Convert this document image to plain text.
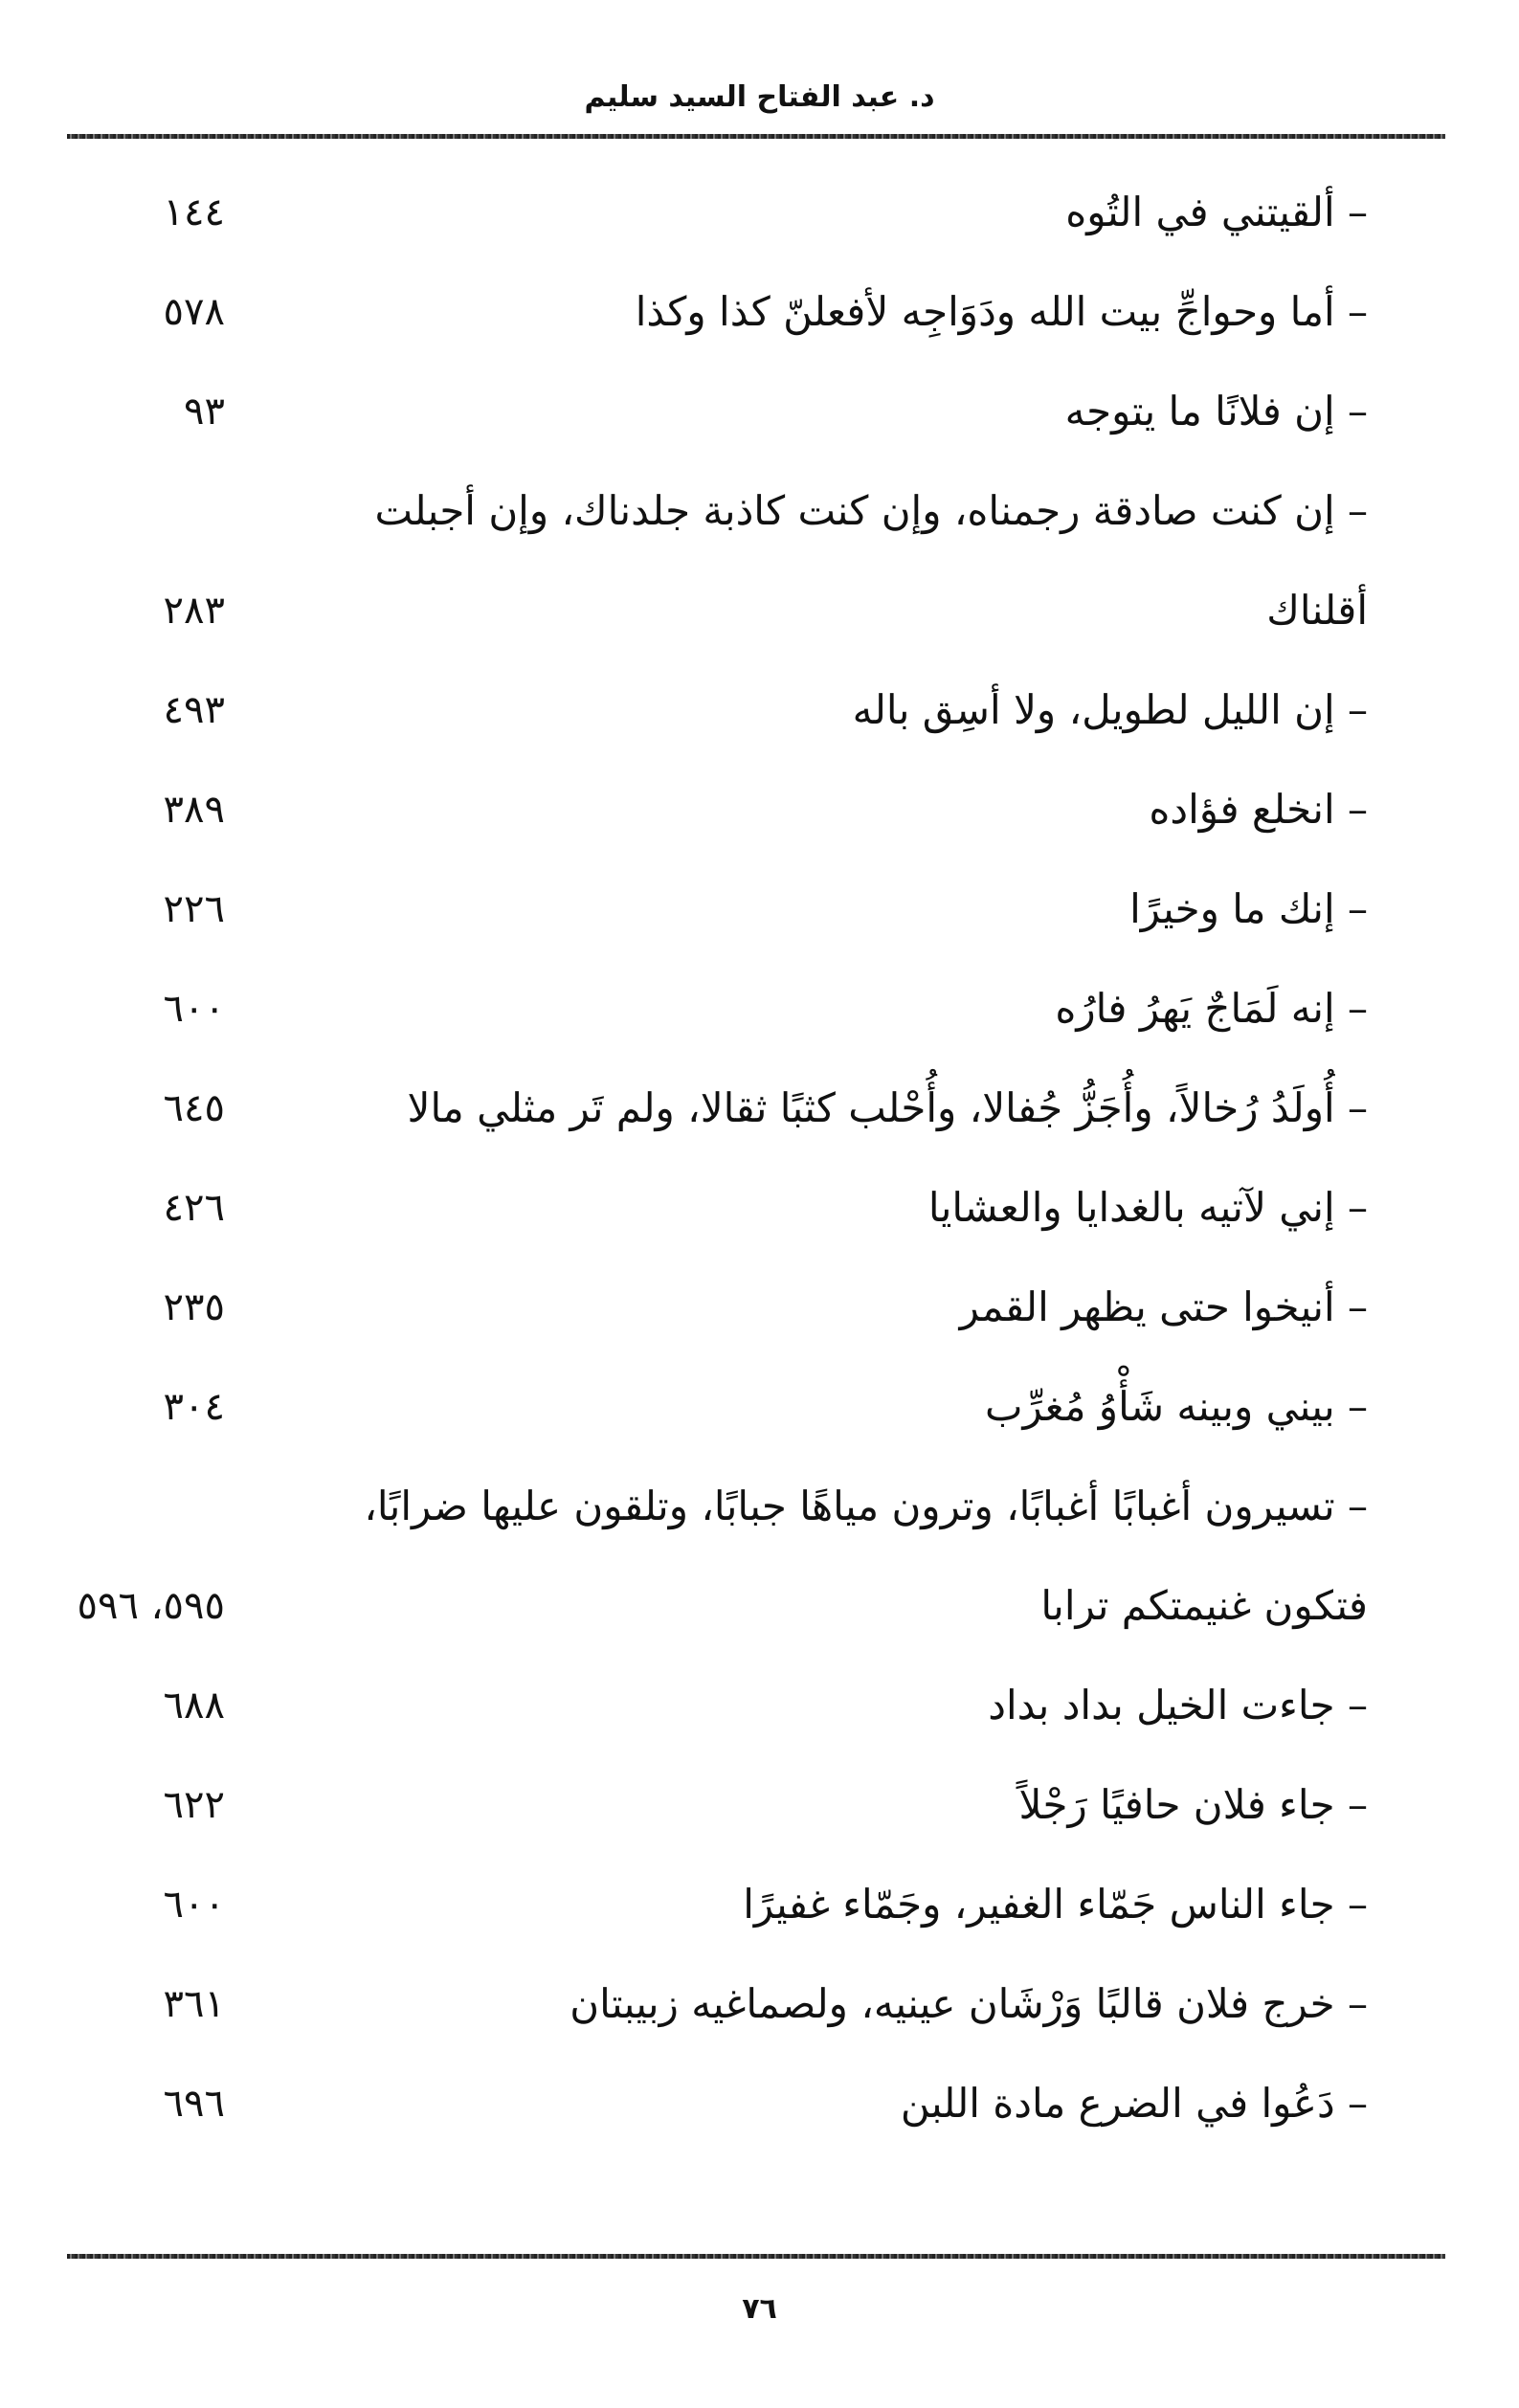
د. عبد الفتاح السيد سليم
– ألقيتني في التُوه
١٤٤
– أما وحواجِّ بيت الله ودَوَاجِه لأفعلنّ كذا وكذا
٥٧٨
– إن فلانًا ما يتوجه
٩٣
– إن كنت صادقة رجمناه، وإن كنت كاذبة جلدناك، وإن أجبلت أقلناك
٢٨٣
– إن الليل لطويل، ولا أسِق باله
٤٩٣
– انخلع فؤاده
٣٨٩
– إنك ما وخيرًا
٢٢٦
– إنه لَمَاجٌ يَهرُ فارُه
٦٠٠
– أُولَدُ رُخالاً، وأُجَزُّ جُفالا، وأُحْلب كثبًا ثقالا، ولم تَر مثلي مالا
٦٤٥
– إني لآتيه بالغدايا والعشايا
٤٢٦
– أنيخوا حتى يظهر القمر
٢٣٥
– بيني وبينه شَأْوُ مُغرِّب
٣٠٤
– تسيرون أغبابًا أغبابًا، وترون مياهًا جبابًا، وتلقون عليها ضرابًا، فتكون غنيمتكم ترابا
٥٩٥، ٥٩٦
– جاءت الخيل بداد بداد
٦٨٨
– جاء فلان حافيًا رَجْلاً
٦٢٢
– جاء الناس جَمّاء الغفير، وجَمّاء غفيرًا
٦٠٠
– خرج فلان قالبًا وَرْشَان عينيه، ولصماغيه زبيبتان
٣٦١
– دَعُوا في الضرع مادة اللبن
٦٩٦
٧٦
